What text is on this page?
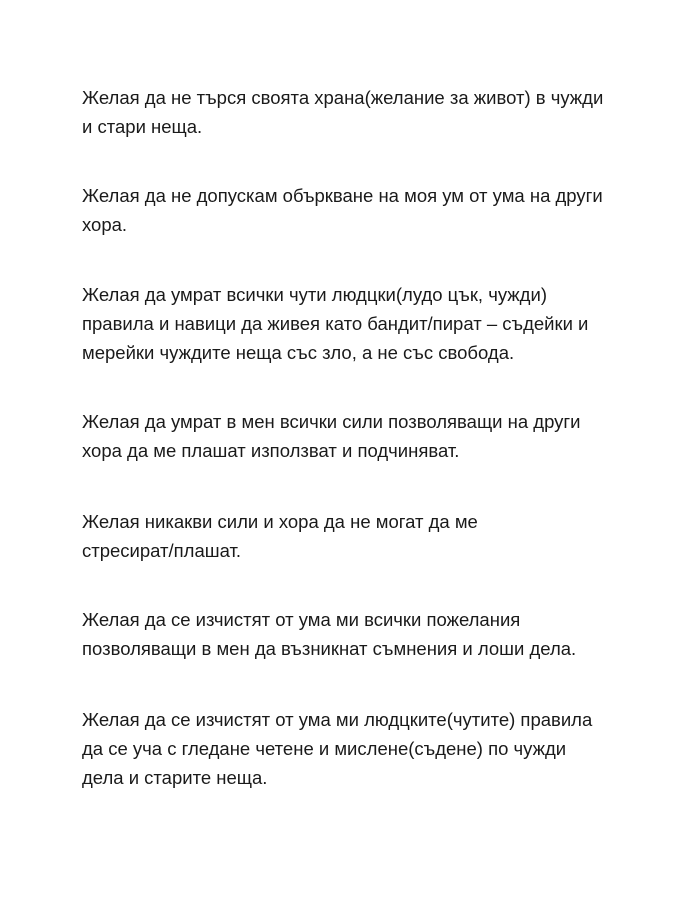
Желая да не търся своята храна(желание за живот) в чужди
и стари неща.

Желая да не допускам объркване на моя ум от ума на други
хора.

Желая да умрат всички чути людцки(лудо цък, чужди)
правила и навици да живея като бандит/пират – съдейки и
мерейки чуждите неща със зло, а не със свобода.

Желая да умрат в мен всички сили позволяващи на други
хора да ме плашат използват и подчиняват.

Желая никакви сили и хора да не могат да ме
стресират/плашат.

Желая да се изчистят от ума ми всички пожелания
позволяващи в мен да възникнат съмнения и лоши дела.

Желая да се изчистят от ума ми людцките(чутите) правила
да се уча с гледане четене и мислене(съдене) по чужди
дела и старите неща.
